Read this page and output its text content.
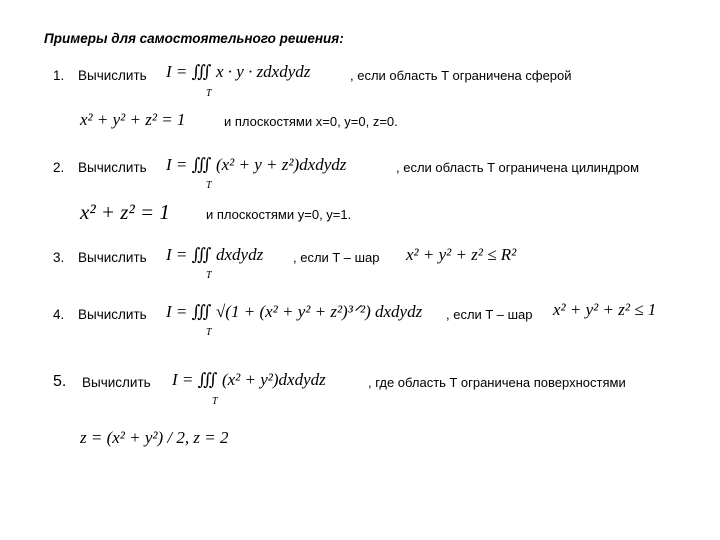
Примеры для самостоятельного решения:
1. Вычислить I = ∭ x · y · zdxdydz
T
, если область T ограничена сферой
x² + y² + z² = 1	и плоскостями x=0, y=0, z=0.
2. Вычислить I = ∭ (x² + y + z²)dxdydz
T
, если область T ограничена цилиндром
x² + z² = 1	и плоскостями y=0, y=1.
3. Вычислить I = ∭ dxdydz
T
, если T – шар x² + y² + z² ≤ R²
4. Вычислить I = ∭ √(1 + (x² + y² + z²)³ᐟ²) dxdydz
T
, если T – шар x² + y² + z² ≤ 1
5. Вычислить I = ∭ (x² + y²)dxdydz
T
, где область T ограничена поверхностями
z = (x² + y²) / 2, z = 2
